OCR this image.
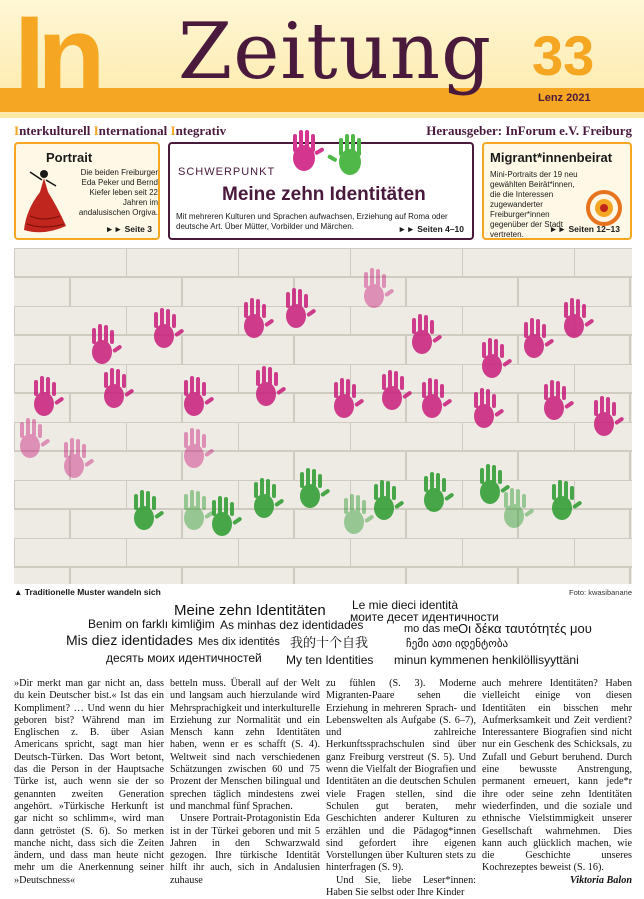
In Zeitung 33
Lenz 2021
Interkulturell International Integrativ	Herausgeber: InForum e.V. Freiburg
Portrait
Die beiden Freiburger Eda Peker und Bernd Kiefer leben seit 22 Jahren im andalusischen Orgiva.
►► Seite 3
SCHWERPUNKT
Meine zehn Identitäten
Mit mehreren Kulturen und Sprachen aufwachsen, Erziehung auf Roma oder deutsche Art. Über Mütter, Vorbilder und Märchen.	►► Seiten 4–10
Migrant*innenbeirat
Mini-Portraits der 19 neu gewählten Beirät*innen, die die Interessen zugewanderter Freiburger*innen gegenüber der Stadt vertreten.
►► Seiten 12–13
▲ Traditionelle Muster wandeln sich	Foto: kwasibanane
Meine zehn Identitäten Le mie dieci identità
моите десет идентичности
Benim on farklı kimliğim As minhas dez identidades	mo das me Οι δέκα ταυτότητές μου
Mis diez identidades Mes dix identités 我的十个自我	ჩემი ათი იდენტობა
десять моих идентичностей My ten Identities minun kymmenen henkilöllisyyttäni

»Dir merkt man gar nicht an, dass du kein Deutscher bist.« Ist das ein Kompliment? … Und wenn du hier geboren bist? Während man im Englischen z. B. über Asian Americans spricht, sagt man hier Deutsch-Türken. Das Wort betont, das die Person in der Hauptsache Türke ist, auch wenn sie der so genannten zweiten Generation angehört. »Türkische Herkunft ist gar nicht so schlimm«, wird man dann getröstet (S. 6). So merken manche nicht, dass sich die Zeiten ändern, und dass man heute nicht mehr um die Anerkennung seiner »Deutschness«

betteln muss. Überall auf der Welt und langsam auch hierzulande wird Mehrsprachigkeit und interkulturelle Erziehung zur Normalität und ein Mensch kann zehn Identitäten haben, wenn er es schafft (S. 4). Weltweit sind nach verschiedenen Schätzungen zwischen 60 und 75 Prozent der Menschen bilingual und sprechen täglich mindestens zwei und manchmal fünf Sprachen.

Unsere Portrait-Protagonistin Eda ist in der Türkei geboren und mit 5 Jahren in den Schwarzwald gezogen. Ihre türkische Identität hilft ihr auch, sich in Andalusien zuhause

zu fühlen (S. 3). Moderne Migranten-Paare sehen die Erziehung in mehreren Sprach- und Lebenswelten als Aufgabe (S. 6–7), und zahlreiche Herkunftssprachschulen sind über ganz Freiburg verstreut (S. 5). Und wenn die Vielfalt der Biografien und Identitäten an die deutschen Schulen viele Fragen stellen, sind die Schulen gut beraten, mehr Geschichten anderer Kulturen zu erzählen und die Pädagog*innen sind gefordert ihre eigenen Vorstellungen über Kulturen stets zu hinterfragen (S. 9).

Und Sie, liebe Leser*innen: Haben Sie selbst oder Ihre Kinder

auch mehrere Identitäten? Haben vielleicht einige von diesen Identitäten ein bisschen mehr Aufmerksamkeit und Zeit verdient? Interessantere Biografien sind nicht nur ein Geschenk des Schicksals, zu Zufall und Geburt beruhend. Durch eine bewusste Anstrengung, permanent erneuert, kann jede*r ihre oder seine zehn Identitäten wiederfinden, und die soziale und ethnische Vielstimmigkeit unserer Gesellschaft wahrnehmen. Dies kann auch glücklich machen, wie die Geschichte unseres Kochrezeptes beweist (S. 16).

Viktoria Balon
